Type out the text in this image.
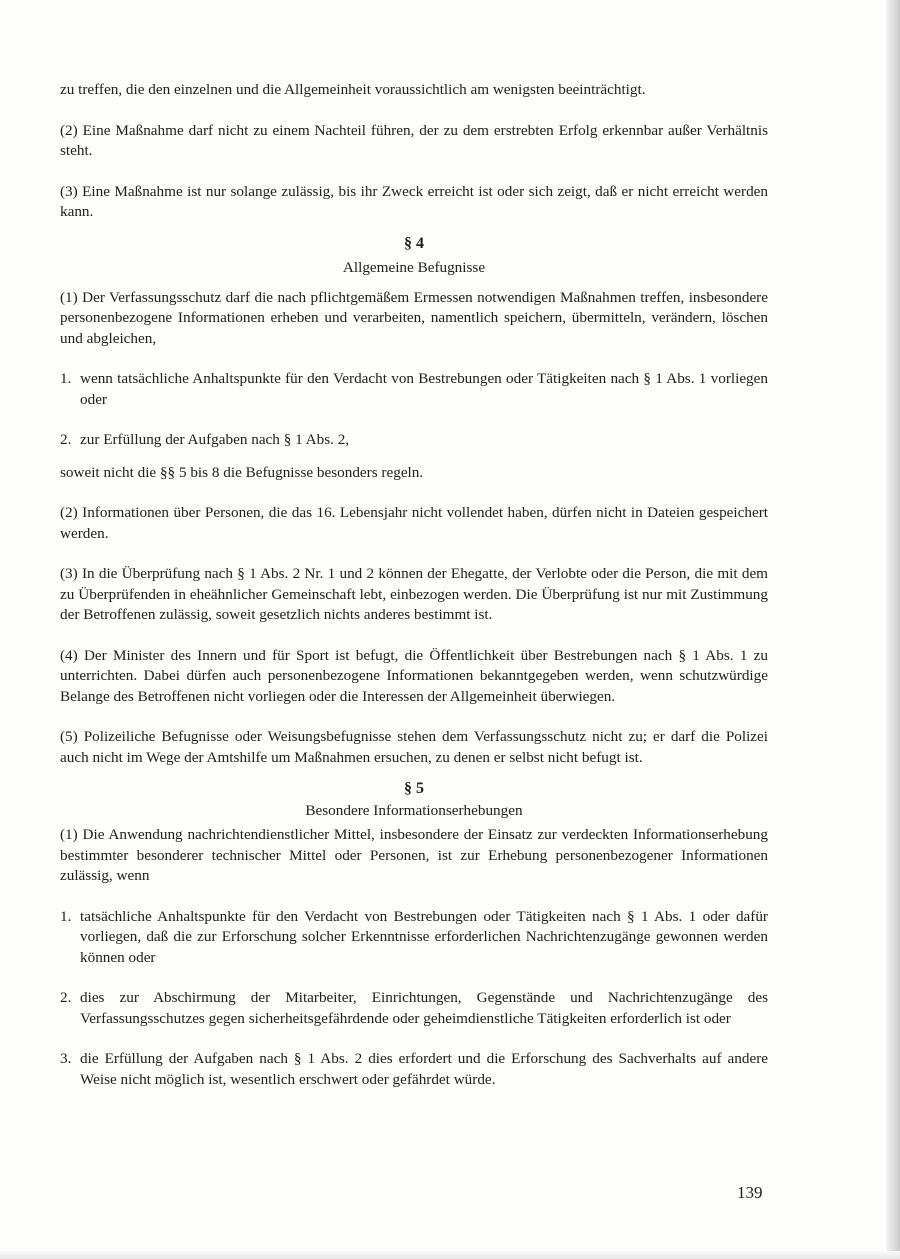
zu treffen, die den einzelnen und die Allgemeinheit voraussichtlich am wenigsten beeinträchtigt.

(2) Eine Maßnahme darf nicht zu einem Nachteil führen, der zu dem erstrebten Erfolg erkennbar außer Verhältnis steht.

(3) Eine Maßnahme ist nur solange zulässig, bis ihr Zweck erreicht ist oder sich zeigt, daß er nicht erreicht werden kann.

§ 4

Allgemeine Befugnisse

(1) Der Verfassungsschutz darf die nach pflichtgemäßem Ermessen notwendigen Maßnahmen treffen, insbesondere personenbezogene Informationen erheben und verarbeiten, namentlich speichern, übermitteln, verändern, löschen und abgleichen,

1. wenn tatsächliche Anhaltspunkte für den Verdacht von Bestrebungen oder Tätigkeiten nach § 1 Abs. 1 vorliegen oder
2. zur Erfüllung der Aufgaben nach § 1 Abs. 2,

soweit nicht die §§ 5 bis 8 die Befugnisse besonders regeln.

(2) Informationen über Personen, die das 16. Lebensjahr nicht vollendet haben, dürfen nicht in Dateien gespeichert werden.

(3) In die Überprüfung nach § 1 Abs. 2 Nr. 1 und 2 können der Ehegatte, der Verlobte oder die Person, die mit dem zu Überprüfenden in eheähnlicher Gemeinschaft lebt, einbezogen werden. Die Überprüfung ist nur mit Zustimmung der Betroffenen zulässig, soweit gesetzlich nichts anderes bestimmt ist.

(4) Der Minister des Innern und für Sport ist befugt, die Öffentlichkeit über Bestrebungen nach § 1 Abs. 1 zu unterrichten. Dabei dürfen auch personenbezogene Informationen bekanntgegeben werden, wenn schutzwürdige Belange des Betroffenen nicht vorliegen oder die Interessen der Allgemeinheit überwiegen.

(5) Polizeiliche Befugnisse oder Weisungsbefugnisse stehen dem Verfassungsschutz nicht zu; er darf die Polizei auch nicht im Wege der Amtshilfe um Maßnahmen ersuchen, zu denen er selbst nicht befugt ist.

§ 5

Besondere Informationserhebungen

(1) Die Anwendung nachrichtendienstlicher Mittel, insbesondere der Einsatz zur verdeckten Informationserhebung bestimmter besonderer technischer Mittel oder Personen, ist zur Erhebung personenbezogener Informationen zulässig, wenn

1. tatsächliche Anhaltspunkte für den Verdacht von Bestrebungen oder Tätigkeiten nach § 1 Abs. 1 oder dafür vorliegen, daß die zur Erforschung solcher Erkenntnisse erforderlichen Nachrichtenzugänge gewonnen werden können oder
2. dies zur Abschirmung der Mitarbeiter, Einrichtungen, Gegenstände und Nachrichtenzugänge des Verfassungsschutzes gegen sicherheitsgefährdende oder geheimdienstliche Tätigkeiten erforderlich ist oder
3. die Erfüllung der Aufgaben nach § 1 Abs. 2 dies erfordert und die Erforschung des Sachverhalts auf andere Weise nicht möglich ist, wesentlich erschwert oder gefährdet würde.
139
